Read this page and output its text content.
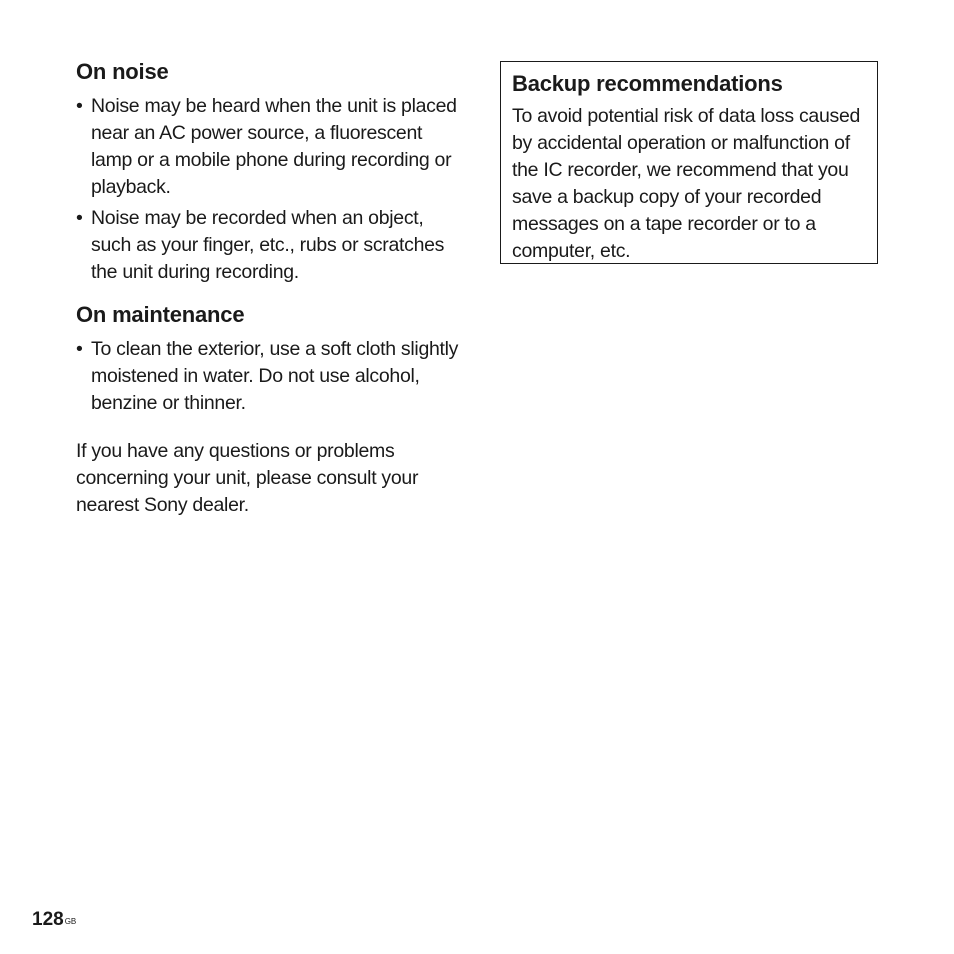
On noise
• Noise may be heard when the unit is placed near an AC power source, a fluorescent lamp or a mobile phone during recording or playback.
• Noise may be recorded when an object, such as your finger, etc., rubs or scratches the unit during recording.
On maintenance
• To clean the exterior, use a soft cloth slightly moistened in water. Do not use alcohol, benzine or thinner.

If you have any questions or problems concerning your unit, please consult your nearest Sony dealer.

Backup recommendations

To avoid potential risk of data loss caused by accidental operation or malfunction of the IC recorder, we recommend that you save a backup copy of your recorded messages on a tape recorder or to a computer, etc.

$128^{GB}$
